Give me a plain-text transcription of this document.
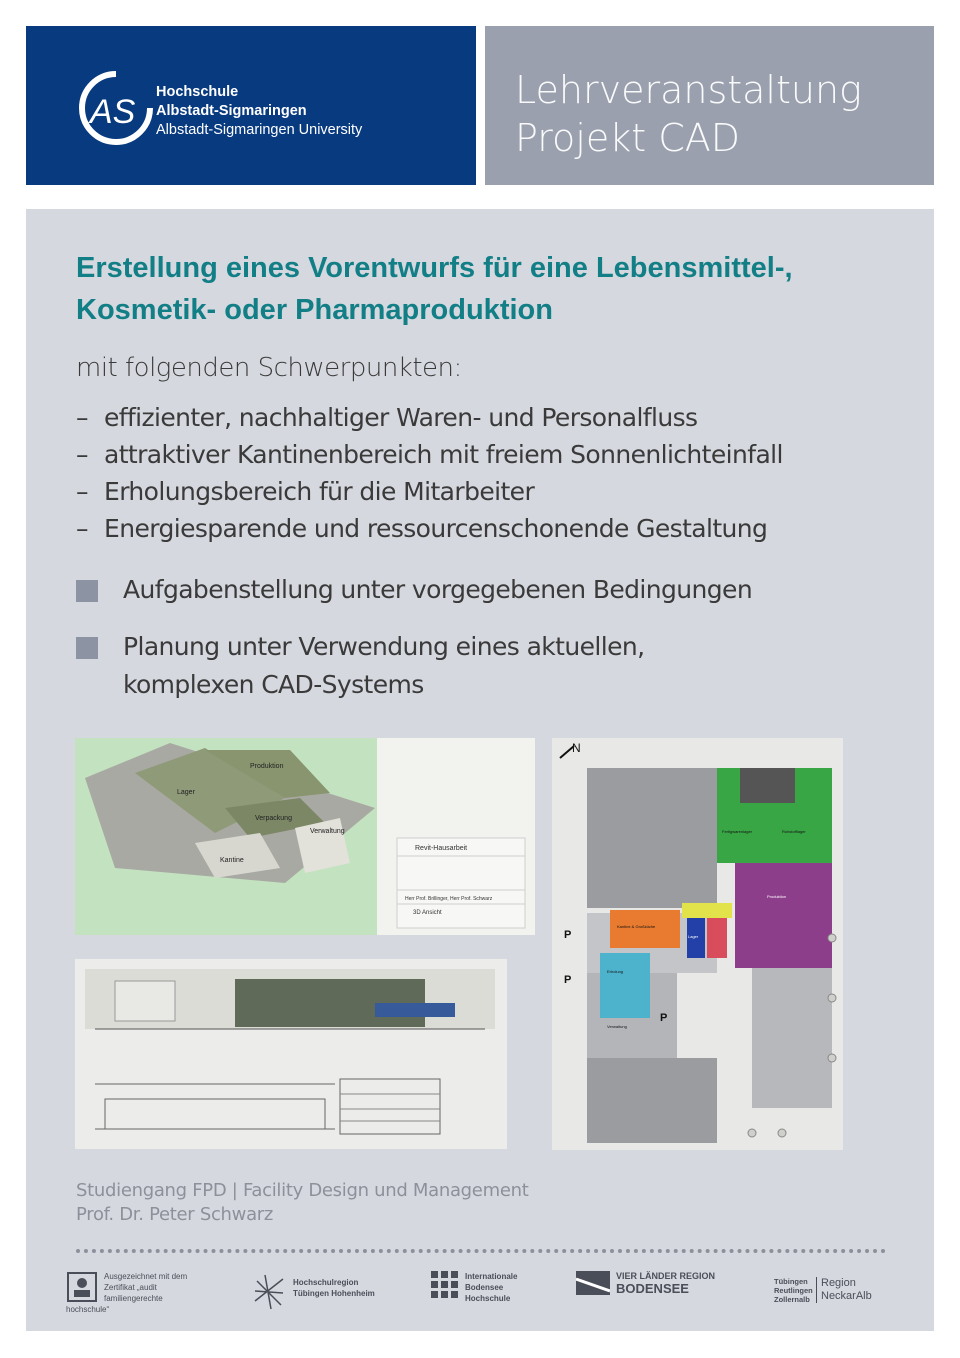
AS
Hochschule
Albstadt-Sigmaringen
Albstadt-Sigmaringen University
Lehrveranstaltung
Projekt CAD
Erstellung eines Vorentwurfs für eine Lebensmittel-,
Kosmetik- oder Pharmaproduktion
mit folgenden Schwerpunkten:
– effizienter, nachhaltiger Waren- und Personalfluss
– attraktiver Kantinenbereich mit freiem Sonnenlichteinfall
– Erholungsbereich für die Mitarbeiter
– Energiesparende und ressourcenschonende Gestaltung
Aufgabenstellung unter vorgegebenen Bedingungen
Planung unter Verwendung eines aktuellen,
komplexen CAD-Systems
Produktion
Lager
Verpackung
Verwaltung
Kantine
Revit-Hausarbeit
Herr Prof. Brillinger, Herr Prof. Schwarz
3D Ansicht
N
P
P
P
Kantine & Großküche
Erholung
Verwaltung
Lager
Produktion
Fertigwarenlager	Rohstofflager
Studiengang FPD | Facility Design und Management
Prof. Dr. Peter Schwarz
Ausgezeichnet mit dem Zertifikat „audit familiengerechte hochschule“
Hochschulregion Tübingen Hohenheim
Internationale Bodensee Hochschule
VIER LÄNDER REGION
BODENSEE	Tübingen Reutlingen Zollernalb
Region NeckarAlb
